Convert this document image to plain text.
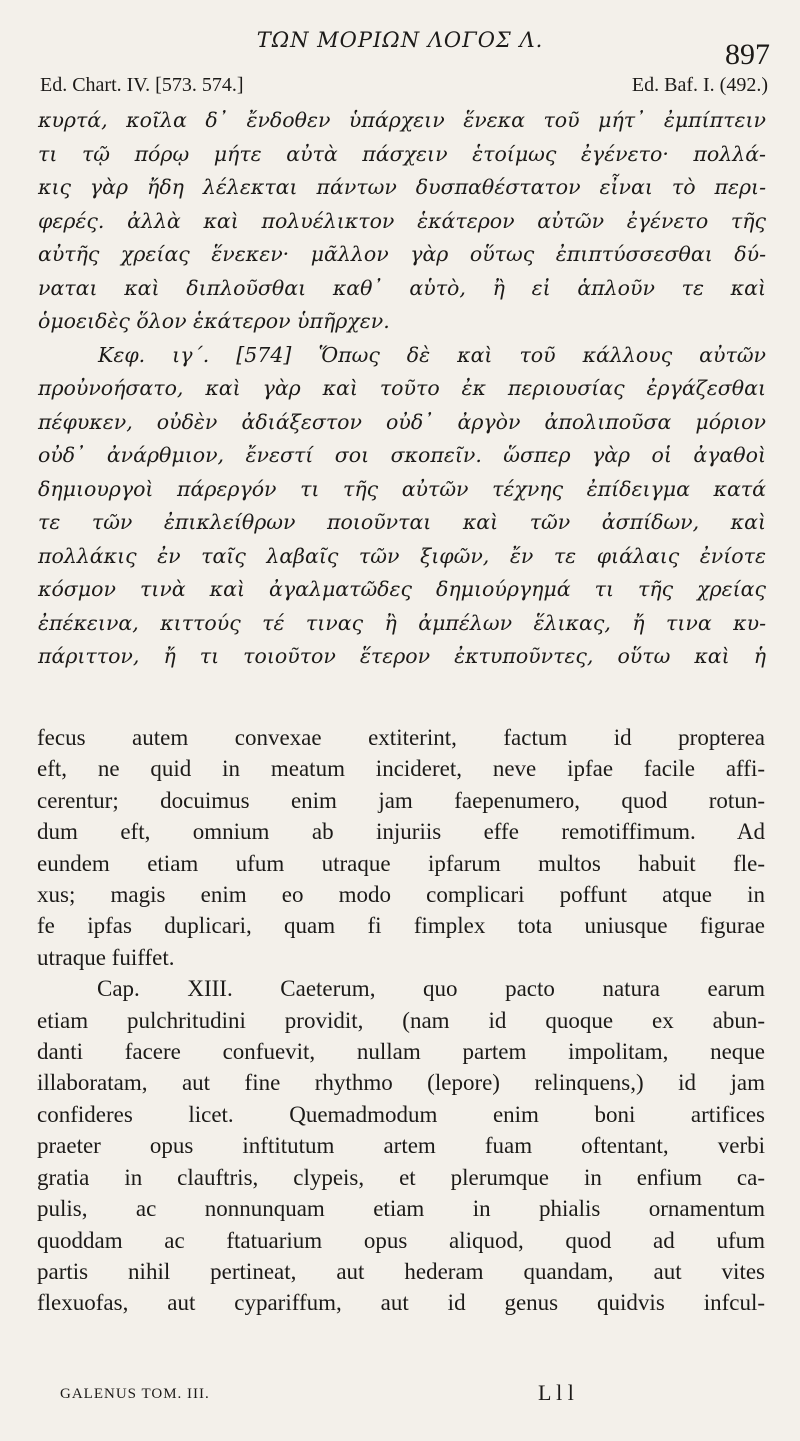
ΤΩΝ ΜΟΡΙΩΝ ΛΟΓΟΣ Λ.	897
Ed. Chart. IV. [573. 574.]	Ed. Baf. I. (492.)
κυρτά, κοῖλα δ᾽ ἔνδοθεν ὑπάρχειν ἕνεκα τοῦ μήτ᾽ ἐμπίπτειν
τι τῷ πόρῳ μήτε αὐτὰ πάσχειν ἑτοίμως ἐγένετο· πολλά-
κις γὰρ ἤδη λέλεκται πάντων δυσπαθέστατον εἶναι τὸ περι-
φερές. ἀλλὰ καὶ πολυέλικτον ἑκάτερον αὐτῶν ἐγένετο τῆς
αὐτῆς χρείας ἕνεκεν· μᾶλλον γὰρ οὕτως ἐπιπτύσσεσθαι δύ-
ναται καὶ διπλοῦσθαι καθ᾽ αὑτὸ, ἢ εἰ ἁπλοῦν τε καὶ
ὁμοειδὲς ὅλον ἑκάτερον ὑπῆρχεν.
Κεφ. ιγ΄. [574] Ὅπως δὲ καὶ τοῦ κάλλους αὐτῶν
προὐνοήσατο, καὶ γὰρ καὶ τοῦτο ἐκ περιουσίας ἐργάζεσθαι
πέφυκεν, οὐδὲν ἀδιάξεστον οὐδ᾽ ἀργὸν ἀπολιποῦσα μόριον
οὐδ᾽ ἀνάρθμιον, ἔνεστί σοι σκοπεῖν. ὥσπερ γὰρ οἱ ἀγαθοὶ
δημιουργοὶ πάρεργόν τι τῆς αὐτῶν τέχνης ἐπίδειγμα κατά
τε τῶν ἐπικλείθρων ποιοῦνται καὶ τῶν ἀσπίδων, καὶ
πολλάκις ἐν ταῖς λαβαῖς τῶν ξιφῶν, ἔν τε φιάλαις ἐνίοτε
κόσμον τινὰ καὶ ἀγαλματῶδες δημιούργημά τι τῆς χρείας
ἐπέκεινα, κιττούς τέ τινας ἢ ἀμπέλων ἕλικας, ἤ τινα κυ-
πάριττον, ἤ τι τοιοῦτον ἕτερον ἐκτυποῦντες, οὕτω καὶ ἡ
fecus autem convexae extiterint, factum id propterea
eft, ne quid in meatum incideret, neve ipfae facile affi-
cerentur; docuimus enim jam faepenumero, quod rotun-
dum eft, omnium ab injuriis effe remotiffimum. Ad
eundem etiam ufum utraque ipfarum multos habuit fle-
xus; magis enim eo modo complicari poffunt atque in
fe ipfas duplicari, quam fi fimplex tota uniusque figurae
utraque fuiffet.
Cap. XIII. Caeterum, quo pacto natura earum
etiam pulchritudini providit, (nam id quoque ex abun-
danti facere confuevit, nullam partem impolitam, neque
illaboratam, aut fine rhythmo (lepore) relinquens,) id jam
confideres licet. Quemadmodum enim boni artifices
praeter opus inftitutum artem fuam oftentant, verbi
gratia in clauftris, clypeis, et plerumque in enfium ca-
pulis, ac nonnunquam etiam in phialis ornamentum
quoddam ac ftatuarium opus aliquod, quod ad ufum
partis nihil pertineat, aut hederam quandam, aut vites
flexuofas, aut cypariffum, aut id genus quidvis infcul-
GALENUS TOM. III.	L l l
